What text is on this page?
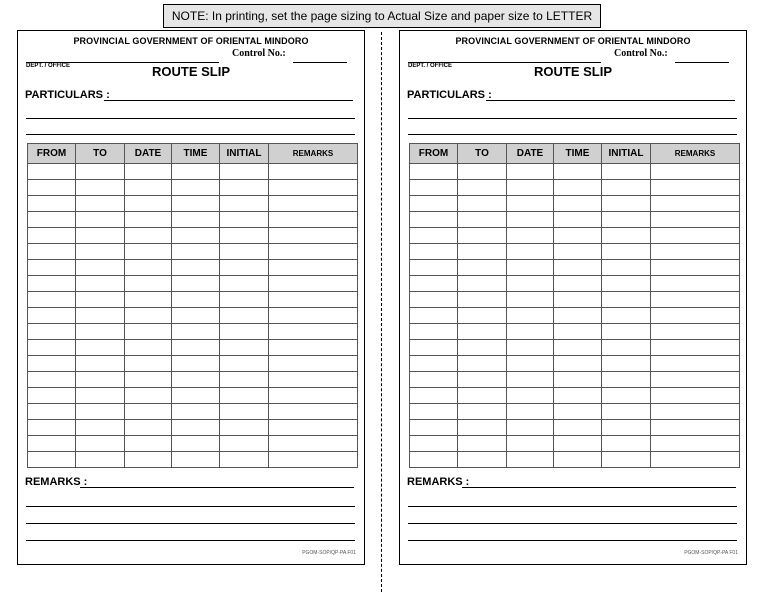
NOTE: In printing, set the page sizing to Actual Size and paper size to LETTER
PROVINCIAL GOVERNMENT OF ORIENTAL MINDORO
Control No.:
DEPT. / OFFICE	ROUTE SLIP
PARTICULARS :
FROM	TO	DATE	TIME	INITIAL	REMARKS

REMARKS :
PGOM-SOP/QP-PA F01
PROVINCIAL GOVERNMENT OF ORIENTAL MINDORO
Control No.:
DEPT. / OFFICE	ROUTE SLIP
PARTICULARS :
FROM	TO	DATE	TIME	INITIAL	REMARKS

REMARKS :
PGOM-SOP/QP-PA F01
